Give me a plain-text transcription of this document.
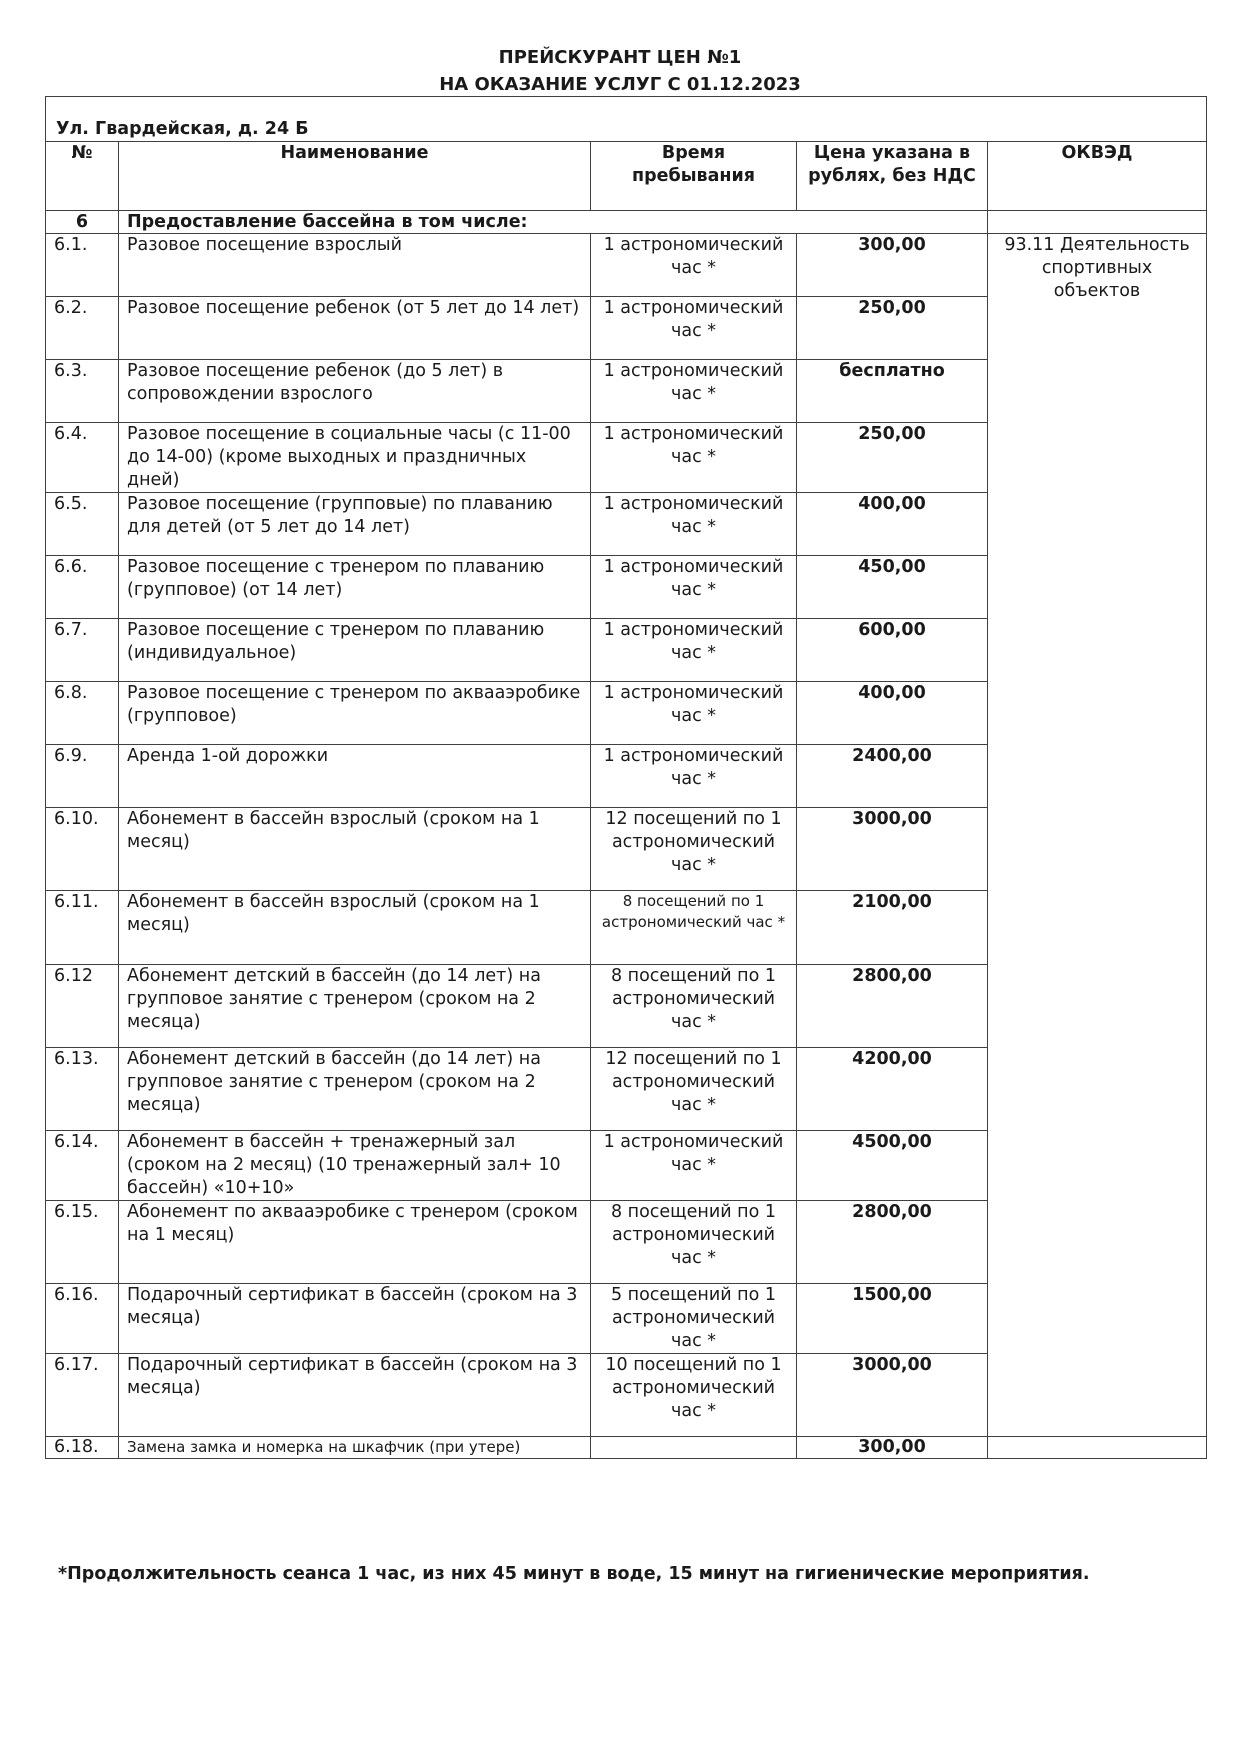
ПРЕЙСКУРАНТ ЦЕН №1
НА ОКАЗАНИЕ УСЛУГ С 01.12.2023
Ул. Гвардейская, д. 24 Б				
№	Наименование	Время пребывания	Цена указана в рублях, без НДС	ОКВЭД
6	Предоставление бассейна в том числе:			
6.1.	Разовое посещение взрослый	1 астрономический час *	300,00	93.11 Деятельность спортивных объектов
6.2.	Разовое посещение ребенок (от 5 лет до 14 лет)	1 астрономический час *	250,00	
6.3.	Разовое посещение ребенок (до 5 лет) в сопровождении взрослого	1 астрономический час *	бесплатно	
6.4.	Разовое посещение в социальные часы (с 11-00 до 14-00) (кроме выходных и праздничных дней)	1 астрономический час *	250,00	
6.5.	Разовое посещение (групповые) по плаванию для детей (от 5 лет до 14 лет)	1 астрономический час *	400,00	
6.6.	Разовое посещение с тренером по плаванию (групповое) (от 14 лет)	1 астрономический час *	450,00	
6.7.	Разовое посещение с тренером по плаванию (индивидуальное)	1 астрономический час *	600,00	
6.8.	Разовое посещение с тренером по аквааэробике (групповое)	1 астрономический час *	400,00	
6.9.	Аренда 1-ой дорожки	1 астрономический час *	2400,00	
6.10.	Абонемент в бассейн взрослый (сроком на 1 месяц)	12 посещений по 1 астрономический час *	3000,00	
6.11.	Абонемент в бассейн взрослый (сроком на 1 месяц)	8 посещений по 1 астрономический час *	2100,00	
6.12	Абонемент детский в бассейн (до 14 лет) на групповое занятие с тренером (сроком на 2 месяца)	8 посещений по 1 астрономический час *	2800,00	
6.13.	Абонемент детский в бассейн (до 14 лет) на групповое занятие с тренером (сроком на 2 месяца)	12 посещений по 1 астрономический час *	4200,00	
6.14.	Абонемент в бассейн + тренажерный зал (сроком на 2 месяц) (10 тренажерный зал+ 10 бассейн) «10+10»	1 астрономический час *	4500,00	
6.15.	Абонемент по аквааэробике с тренером (сроком на 1 месяц)	8 посещений по 1 астрономический час *	2800,00	
6.16.	Подарочный сертификат в бассейн (сроком на 3 месяца)	5 посещений по 1 астрономический час *	1500,00	
6.17.	Подарочный сертификат в бассейн (сроком на 3 месяца)	10 посещений по 1 астрономический час *	3000,00	
6.18.	Замена замка и номерка на шкафчик (при утере)		300,00	
*Продолжительность сеанса 1 час, из них 45 минут в воде, 15 минут на гигиенические мероприятия.
